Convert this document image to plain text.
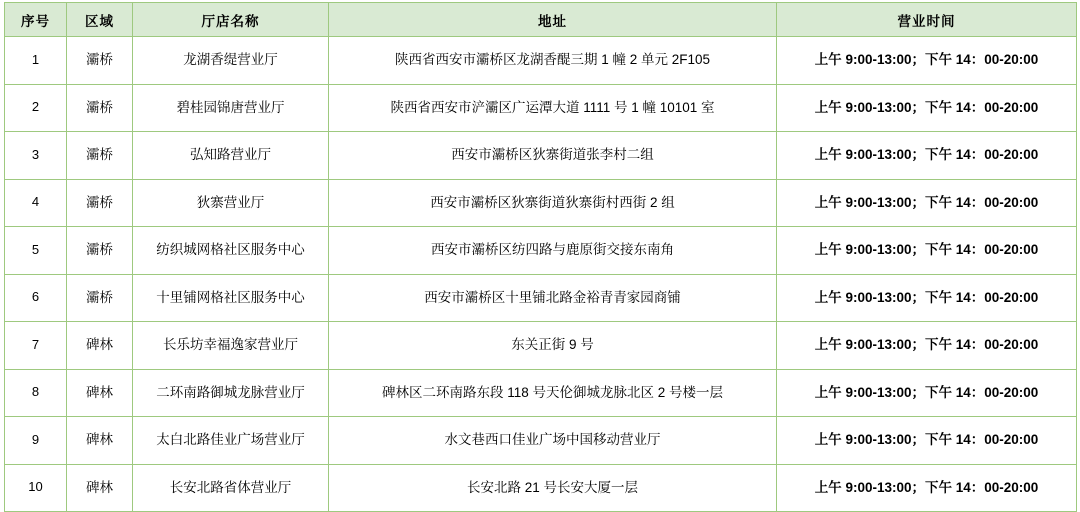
序号	区域	厅店名称	地址	营业时间
1	灞桥	龙湖香缇营业厅	陕西省西安市灞桥区龙湖香醍三期 1 幢 2 单元 2F105	上午 9:00-13:00；下午 14：00-20:00
2	灞桥	碧桂园锦唐营业厅	陕西省西安市浐灞区广运潭大道 1111 号 1 幢 10101 室	上午 9:00-13:00；下午 14：00-20:00
3	灞桥	弘知路营业厅	西安市灞桥区狄寨街道张李村二组	上午 9:00-13:00；下午 14：00-20:00
4	灞桥	狄寨营业厅	西安市灞桥区狄寨街道狄寨街村西街 2 组	上午 9:00-13:00；下午 14：00-20:00
5	灞桥	纺织城网格社区服务中心	西安市灞桥区纺四路与鹿原街交接东南角	上午 9:00-13:00；下午 14：00-20:00
6	灞桥	十里铺网格社区服务中心	西安市灞桥区十里铺北路金裕青青家园商铺	上午 9:00-13:00；下午 14：00-20:00
7	碑林	长乐坊幸福逸家营业厅	东关正街 9 号	上午 9:00-13:00；下午 14：00-20:00
8	碑林	二环南路御城龙脉营业厅	碑林区二环南路东段 118 号天伦御城龙脉北区 2 号楼一层	上午 9:00-13:00；下午 14：00-20:00
9	碑林	太白北路佳业广场营业厅	水文巷西口佳业广场中国移动营业厅	上午 9:00-13:00；下午 14：00-20:00
10	碑林	长安北路省体营业厅	长安北路 21 号长安大厦一层	上午 9:00-13:00；下午 14：00-20:00
